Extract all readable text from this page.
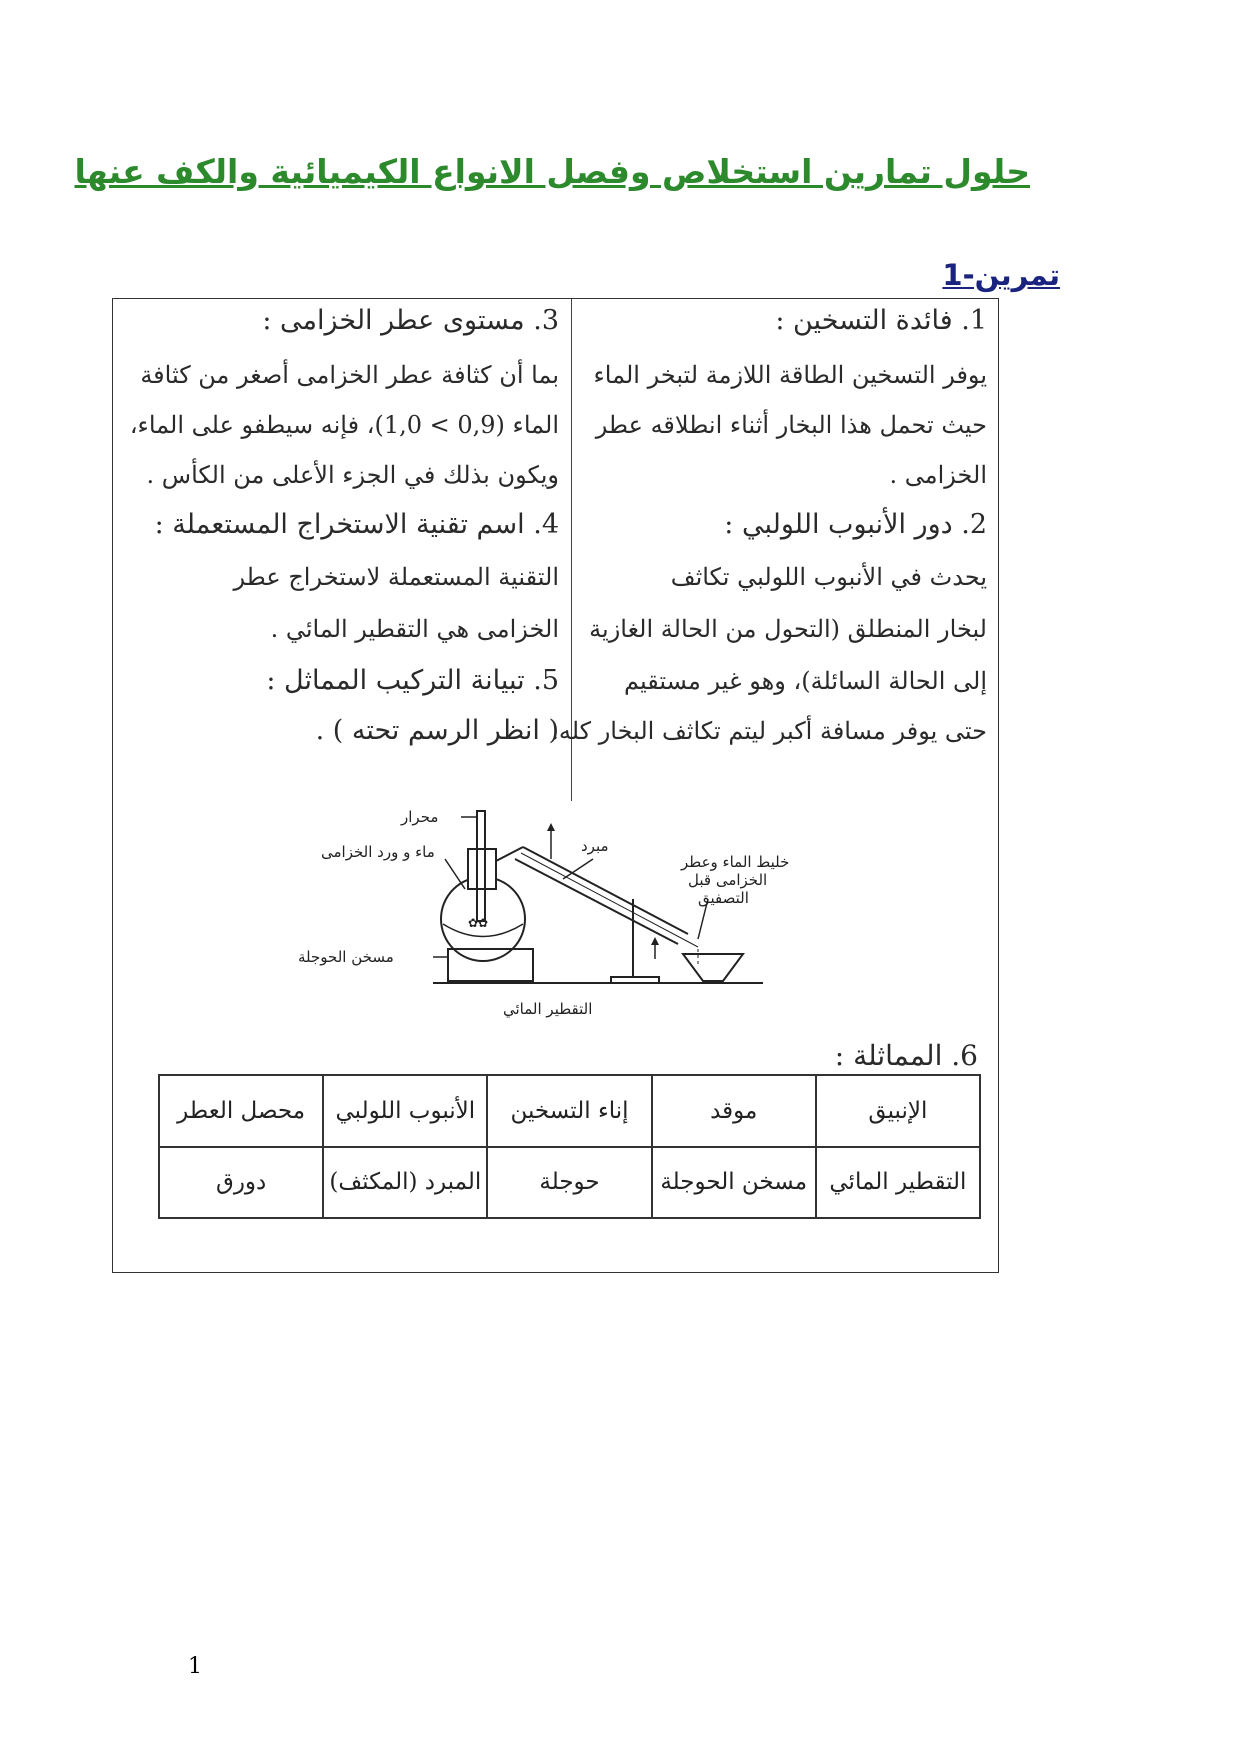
حلول تمارين استخلاص وفصل الانواع الكيميائية والكف عنها
تمرين-1
1. فائدة التسخين :
يوفر التسخين الطاقة اللازمة لتبخر الماء
حيث تحمل هذا البخار أثناء انطلاقه عطر
الخزامى .
2. دور الأنبوب اللولبي :
يحدث في الأنبوب اللولبي تكاثف
لبخار المنطلق (التحول من الحالة الغازية
إلى الحالة السائلة)، وهو غير مستقيم
حتى يوفر مسافة أكبر ليتم تكاثف البخار كله.
3. مستوى عطر الخزامى :
بما أن كثافة عطر الخزامى أصغر من كثافة
الماء (0,9 > 1,0)، فإنه سيطفو على الماء،
ويكون بذلك في الجزء الأعلى من الكأس .
4. اسم تقنية الاستخراج المستعملة :
التقنية المستعملة لاستخراج عطر
الخزامى هي التقطير المائي .
5. تبيانة التركيب المماثل :
( انظر الرسم تحته ) .
✿✿
محرار
مبرد
خليط الماء وعطر
الخزامى قبل
التصفيق
ماء و ورد الخزامى
مسخن الحوجلة
التقطير المائي
6. المماثلة :
الإنبيق	موقد	إناء التسخين	الأنبوب اللولبي	محصل العطر
التقطير المائي	مسخن الحوجلة	حوجلة	المبرد (المكثف)	دورق
1
